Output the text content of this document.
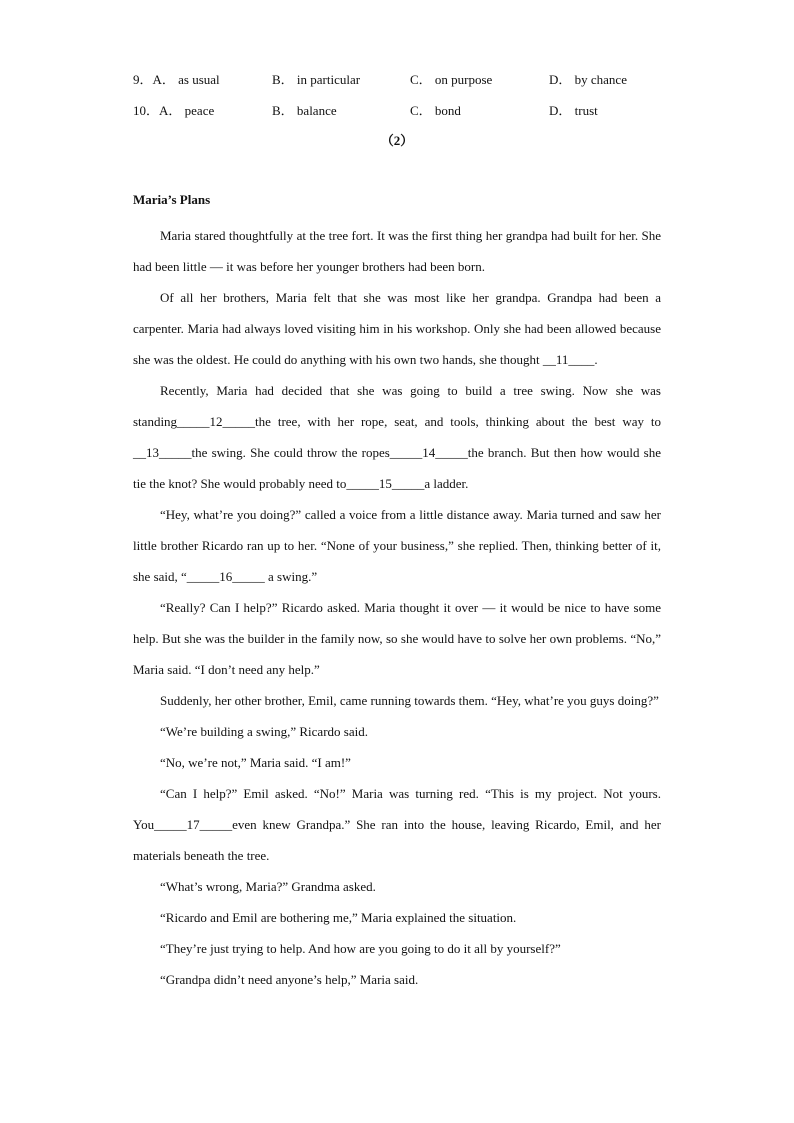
9．A． as usual	B． in particular	C． on purpose	D． by chance
10．A． peace	B． balance	C． bond	D． trust
（2）
Maria’s Plans

Maria stared thoughtfully at the tree fort. It was the first thing her grandpa had built for her. She had been little — it was before her younger brothers had been born.

Of all her brothers, Maria felt that she was most like her grandpa. Grandpa had been a carpenter. Maria had always loved visiting him in his workshop. Only she had been allowed because she was the oldest. He could do anything with his own two hands, she thought __11____.

Recently, Maria had decided that she was going to build a tree swing. Now she was standing_____12_____the tree, with her rope, seat, and tools, thinking about the best way to __13_____the swing. She could throw the ropes_____14_____the branch. But then how would she tie the knot? She would probably need to_____15_____a ladder.

“Hey, what’re you doing?” called a voice from a little distance away. Maria turned and saw her little brother Ricardo ran up to her. “None of your business,” she replied. Then, thinking better of it, she said, “_____16_____ a swing.”

“Really? Can I help?” Ricardo asked. Maria thought it over — it would be nice to have some help. But she was the builder in the family now, so she would have to solve her own problems. “No,” Maria said. “I don’t need any help.”

Suddenly, her other brother, Emil, came running towards them. “Hey, what’re you guys doing?”

“We’re building a swing,” Ricardo said.

“No, we’re not,” Maria said. “I am!”

“Can I help?” Emil asked. “No!” Maria was turning red. “This is my project. Not yours. You_____17_____even knew Grandpa.” She ran into the house, leaving Ricardo, Emil, and her materials beneath the tree.

“What’s wrong, Maria?” Grandma asked.

“Ricardo and Emil are bothering me,” Maria explained the situation.

“They’re just trying to help. And how are you going to do it all by yourself?”

“Grandpa didn’t need anyone’s help,” Maria said.
